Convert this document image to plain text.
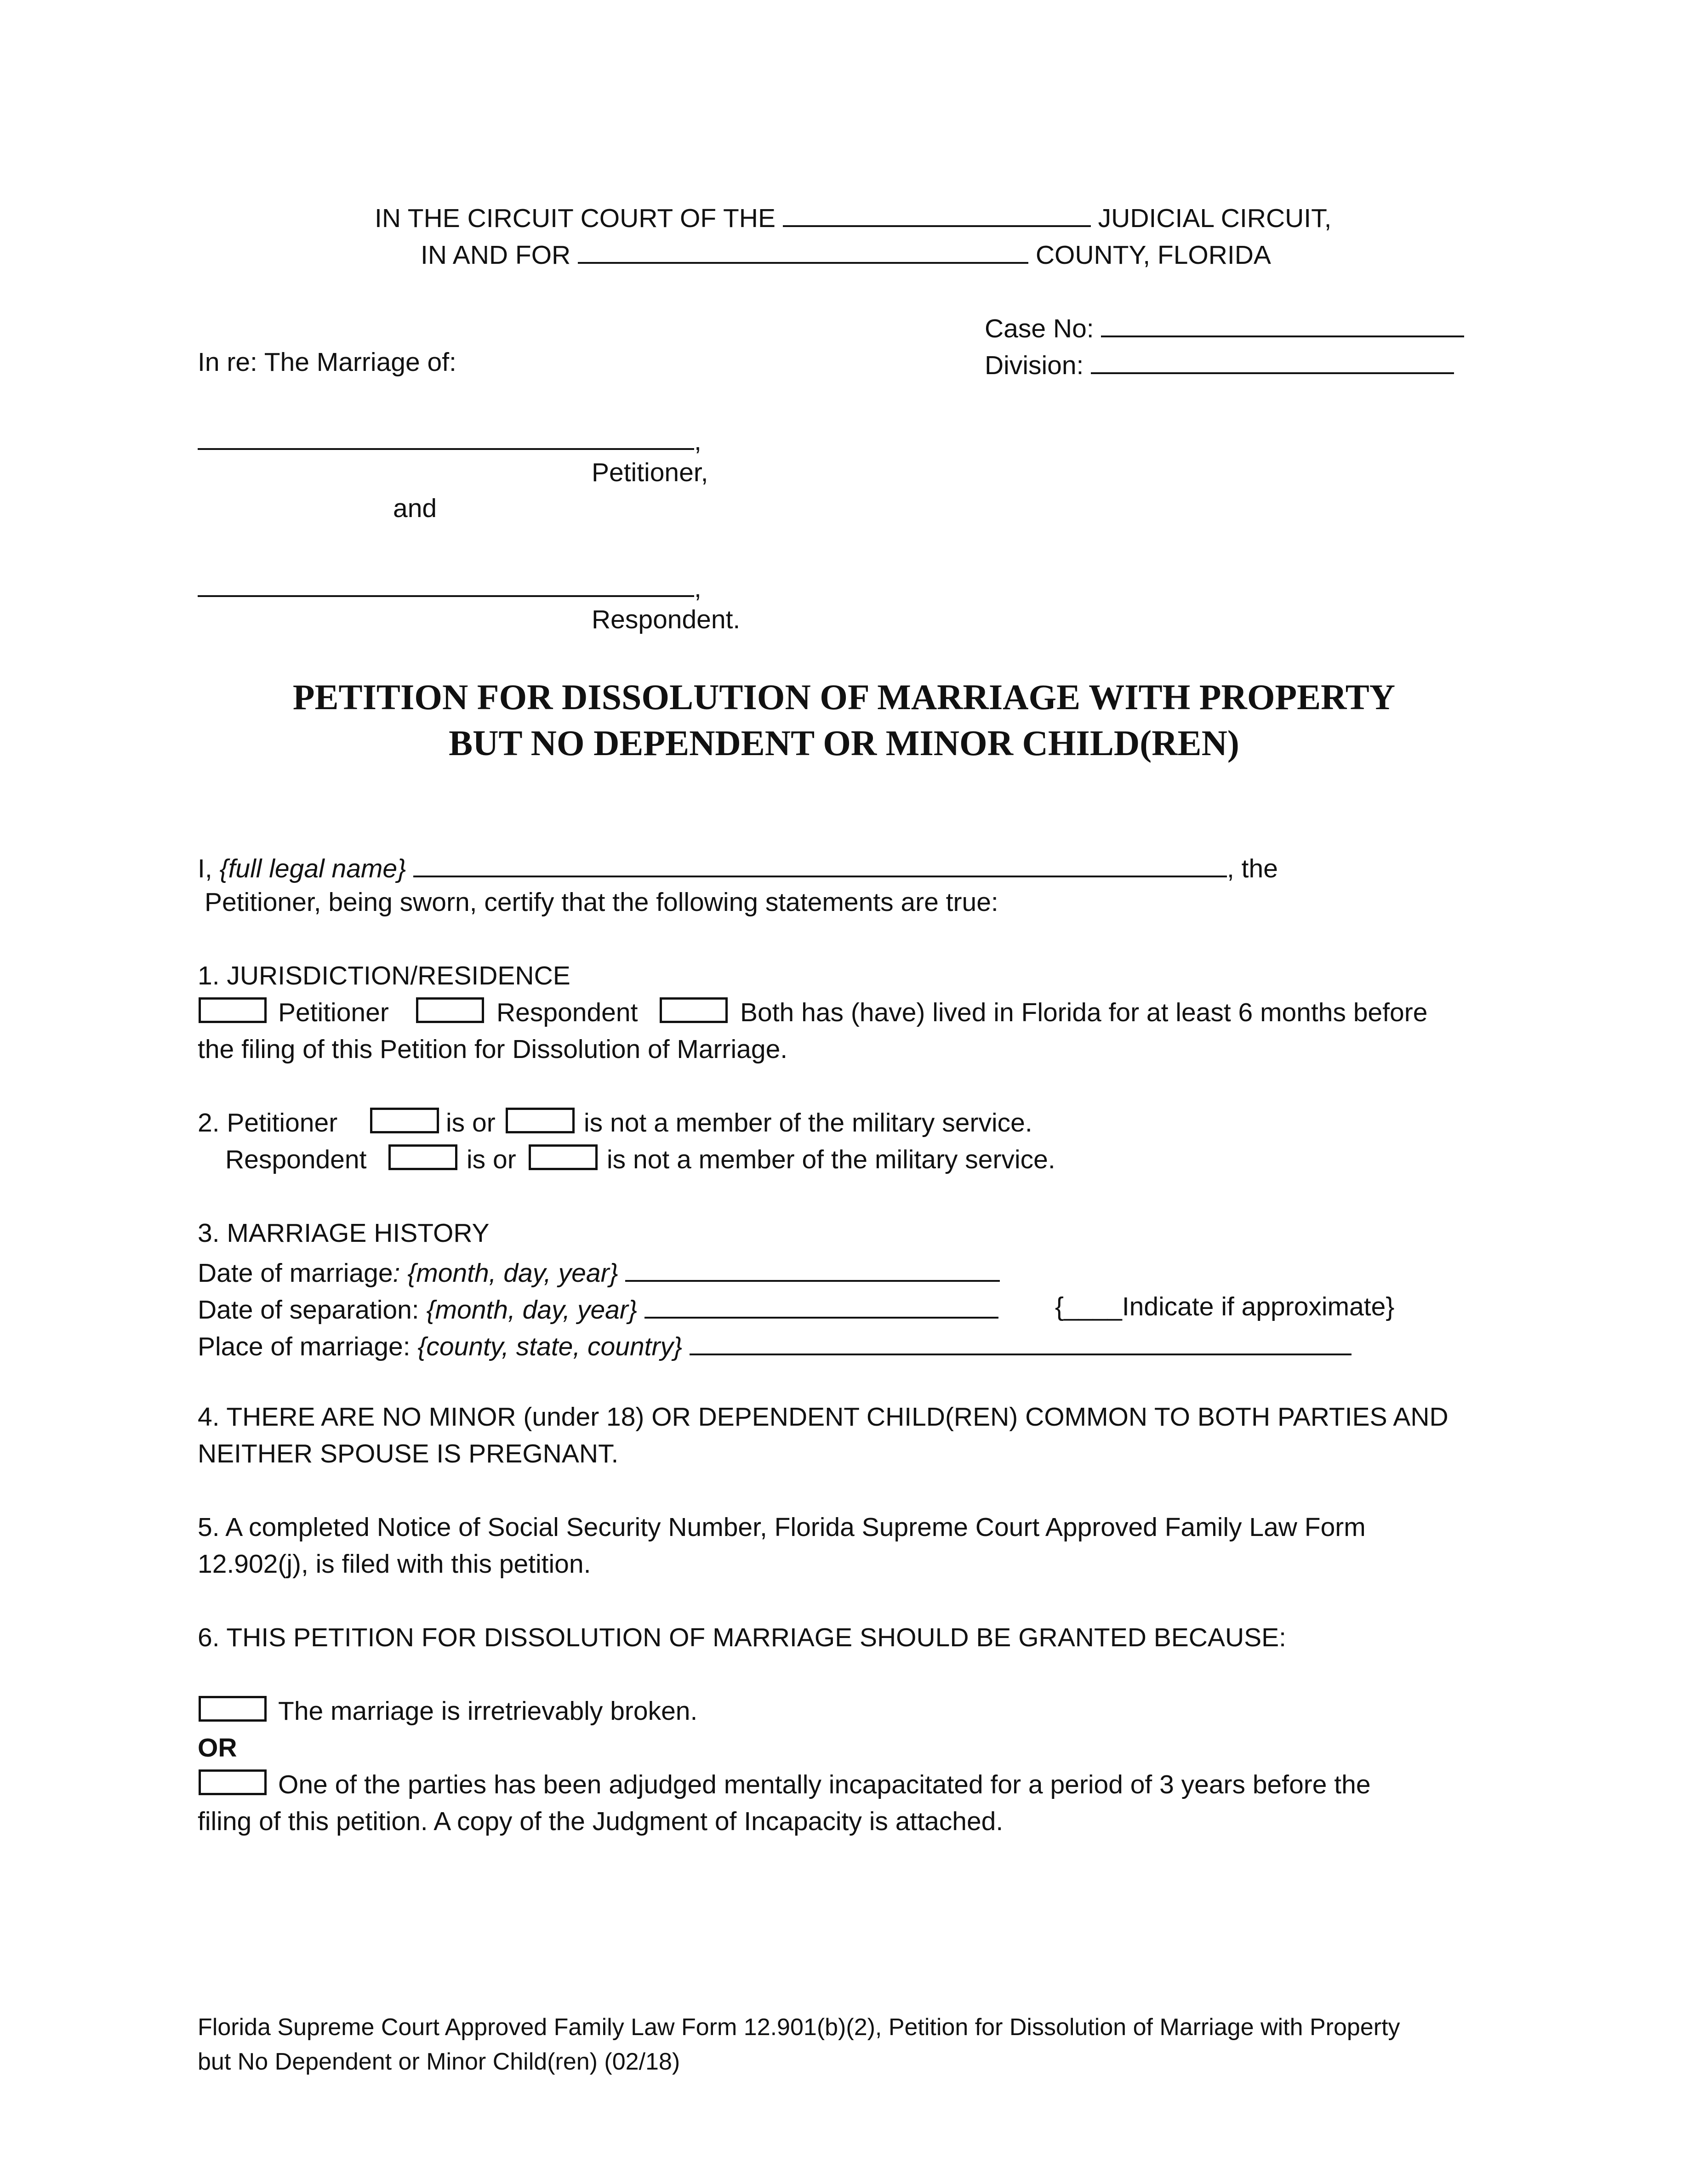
IN THE CIRCUIT COURT OF THE	JUDICIAL CIRCUIT,
IN AND FOR	COUNTY, FLORIDA
Case No:
Division:
In re: The Marriage of:
,
Petitioner,
and
,
Respondent.
PETITION FOR DISSOLUTION OF MARRIAGE WITH PROPERTY
BUT NO DEPENDENT OR MINOR CHILD(REN)
I, {full legal name}	, the
Petitioner, being sworn, certify that the following statements are true:
1. JURISDICTION/RESIDENCE
Petitioner	Respondent	Both has (have) lived in Florida for at least 6 months before
the filing of this Petition for Dissolution of Marriage.
2. Petitioner	is or	is not a member of the military service.
Respondent	is or	is not a member of the military service.
3. MARRIAGE HISTORY
Date of marriage: {month, day, year}
Date of separation: {month, day, year}	{____Indicate if approximate}
Place of marriage: {county, state, country}
4. THERE ARE NO MINOR (under 18) OR DEPENDENT CHILD(REN) COMMON TO BOTH PARTIES AND
NEITHER SPOUSE IS PREGNANT.
5. A completed Notice of Social Security Number, Florida Supreme Court Approved Family Law Form
12.902(j), is filed with this petition.
6. THIS PETITION FOR DISSOLUTION OF MARRIAGE SHOULD BE GRANTED BECAUSE:
The marriage is irretrievably broken.
OR
One of the parties has been adjudged mentally incapacitated for a period of 3 years before the
filing of this petition. A copy of the Judgment of Incapacity is attached.
Florida Supreme Court Approved Family Law Form 12.901(b)(2), Petition for Dissolution of Marriage with Property
but No Dependent or Minor Child(ren) (02/18)
